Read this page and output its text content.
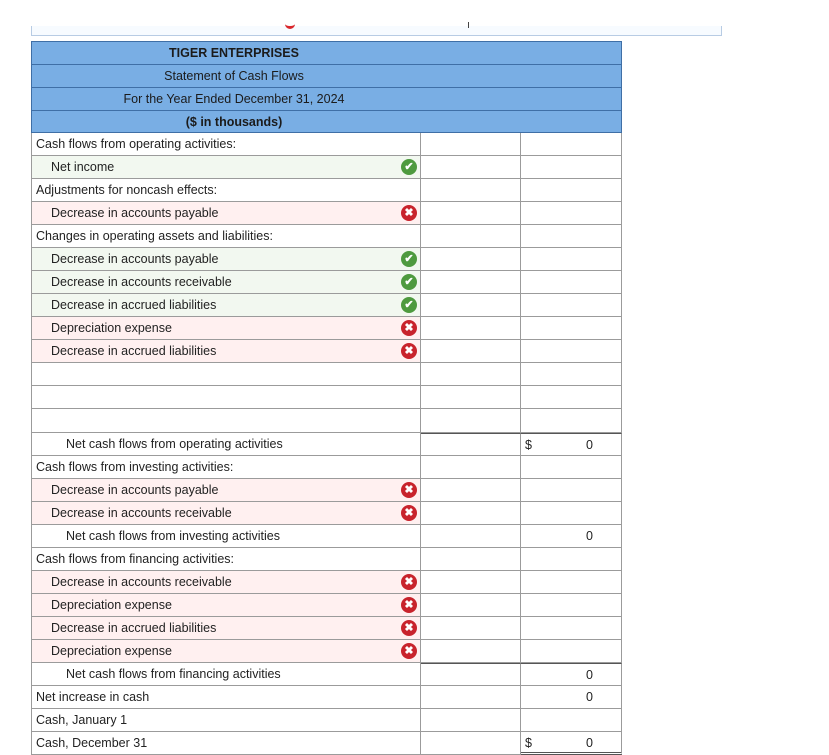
TIGER ENTERPRISES
Statement of Cash Flows
For the Year Ended December 31, 2024
($ in thousands)
Cash flows from operating activities:
Net income	✔
Adjustments for noncash effects:
Decrease in accounts payable	✖
Changes in operating assets and liabilities:
Decrease in accounts payable	✔
Decrease in accounts receivable	✔
Decrease in accrued liabilities	✔
Depreciation expense	✖
Decrease in accrued liabilities	✖
Net cash flows from operating activities	$	0
Cash flows from investing activities:
Decrease in accounts payable	✖
Decrease in accounts receivable	✖
Net cash flows from investing activities	0
Cash flows from financing activities:
Decrease in accounts receivable	✖
Depreciation expense	✖
Decrease in accrued liabilities	✖
Depreciation expense	✖
Net cash flows from financing activities	0
Net increase in cash	0
Cash, January 1
Cash, December 31	$	0
